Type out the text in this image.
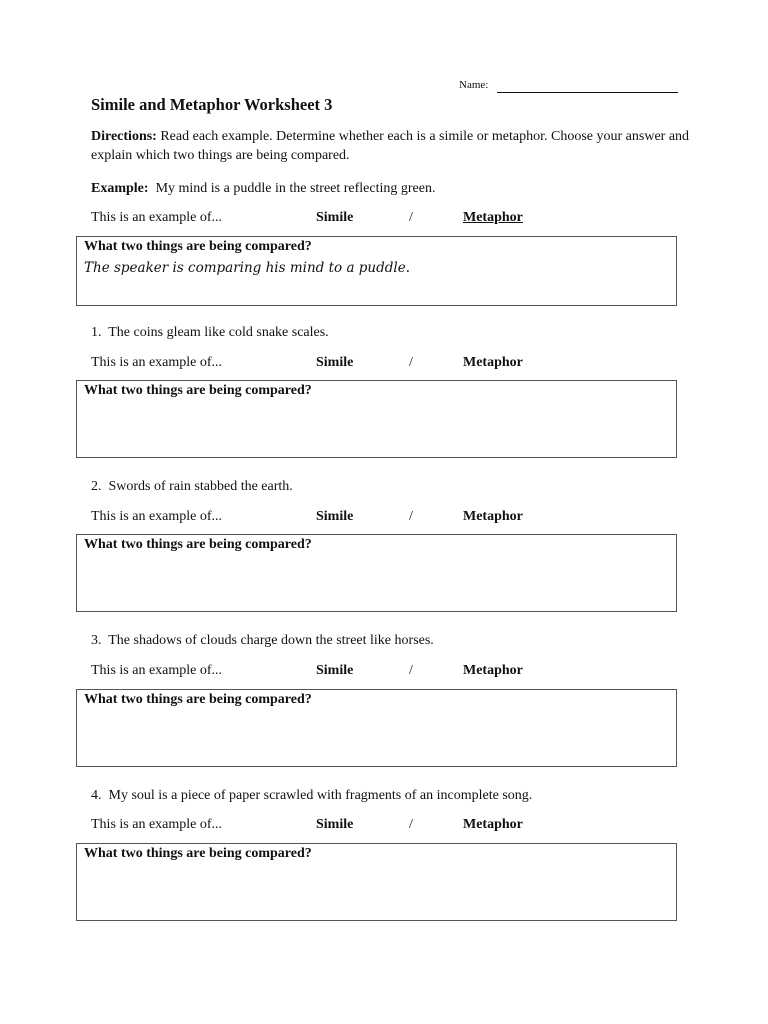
Name:
Simile and Metaphor Worksheet 3
Directions: Read each example. Determine whether each is a simile or metaphor. Choose your answer and explain which two things are being compared.
Example: My mind is a puddle in the street reflecting green.
This is an example of...	Simile	/	Metaphor
What two things are being compared?
The speaker is comparing his mind to a puddle.
1. The coins gleam like cold snake scales.
This is an example of...	Simile	/	Metaphor
What two things are being compared?
2. Swords of rain stabbed the earth.
This is an example of...	Simile	/	Metaphor
What two things are being compared?
3. The shadows of clouds charge down the street like horses.
This is an example of...	Simile	/	Metaphor
What two things are being compared?
4. My soul is a piece of paper scrawled with fragments of an incomplete song.
This is an example of...	Simile	/	Metaphor
What two things are being compared?
